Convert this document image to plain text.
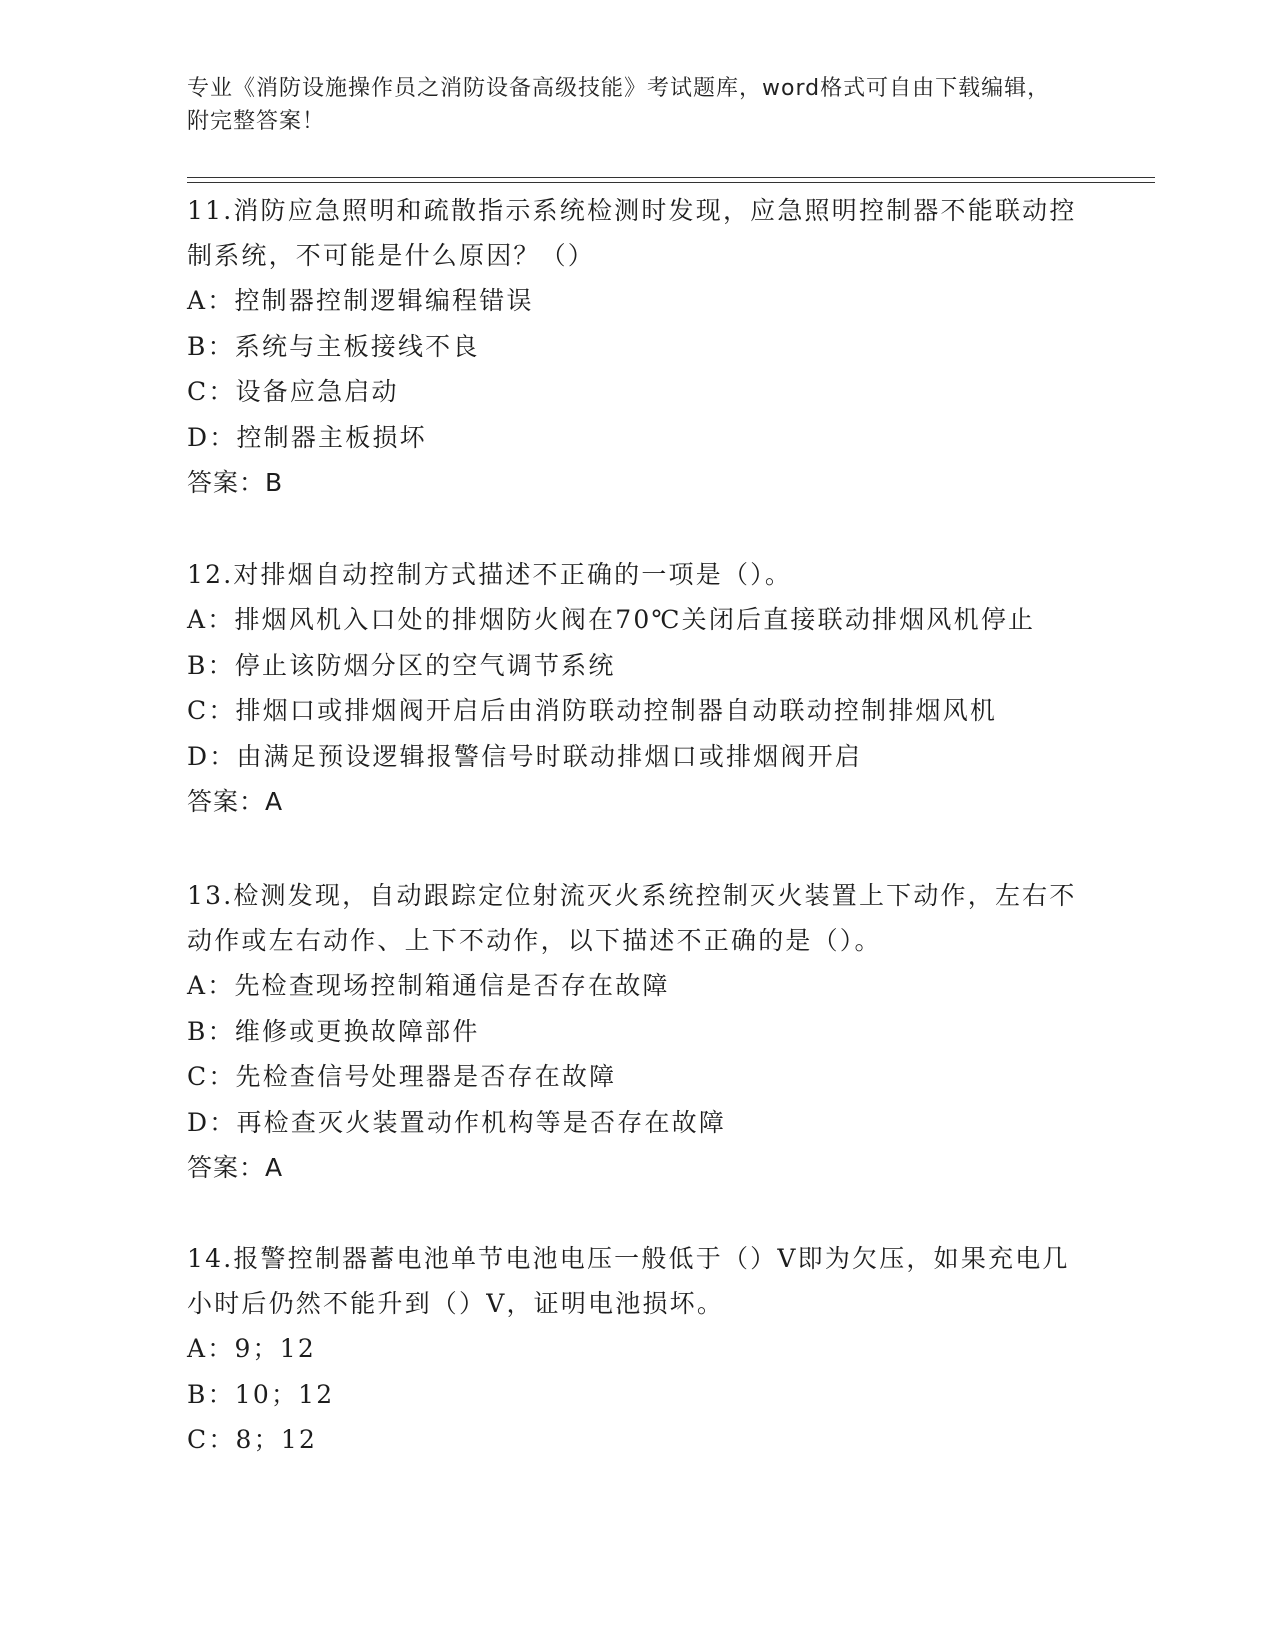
专业《消防设施操作员之消防设备高级技能》考试题库，word格式可自由下载编辑，附完整答案！
11.消防应急照明和疏散指示系统检测时发现，应急照明控制器不能联动控制系统，不可能是什么原因？（）
A：控制器控制逻辑编程错误
B：系统与主板接线不良
C：设备应急启动
D：控制器主板损坏
答案：B
12.对排烟自动控制方式描述不正确的一项是（）。
A：排烟风机入口处的排烟防火阀在70℃关闭后直接联动排烟风机停止
B：停止该防烟分区的空气调节系统
C：排烟口或排烟阀开启后由消防联动控制器自动联动控制排烟风机
D：由满足预设逻辑报警信号时联动排烟口或排烟阀开启
答案：A
13.检测发现，自动跟踪定位射流灭火系统控制灭火装置上下动作，左右不动作或左右动作、上下不动作，以下描述不正确的是（）。
A：先检查现场控制箱通信是否存在故障
B：维修或更换故障部件
C：先检查信号处理器是否存在故障
D：再检查灭火装置动作机构等是否存在故障
答案：A
14.报警控制器蓄电池单节电池电压一般低于（）V即为欠压，如果充电几小时后仍然不能升到（）V，证明电池损坏。
A：9；12
B：10；12
C：8；12
